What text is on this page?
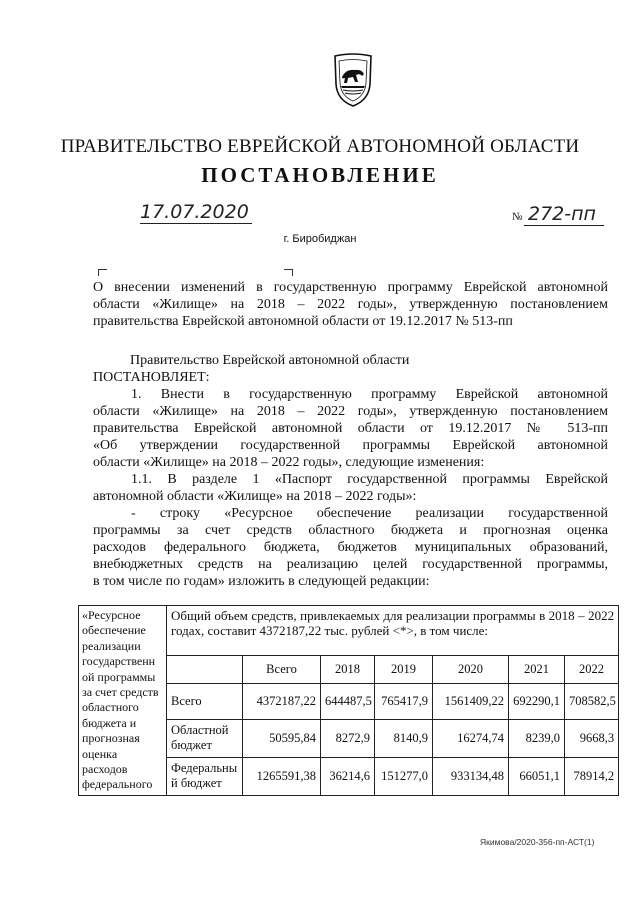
ПРАВИТЕЛЬСТВО ЕВРЕЙСКОЙ АВТОНОМНОЙ ОБЛАСТИ
ПОСТАНОВЛЕНИЕ
17.07.2020	№ 272-пп
г. Биробиджан
О внесении изменений в государственную программу Еврейской автономной
области «Жилище» на 2018 – 2022 годы», утвержденную постановлением
правительства Еврейской автономной области от 19.12.2017 № 513-пп
Правительство Еврейской автономной области
ПОСТАНОВЛЯЕТ:
1. Внести в государственную программу Еврейской автономной
области «Жилище» на 2018 – 2022 годы», утвержденную постановлением
правительства Еврейской автономной области от 19.12.2017 № 513-пп
«Об утверждении государственной программы Еврейской автономной
области «Жилище» на 2018 – 2022 годы», следующие изменения:
1.1. В разделе 1 «Паспорт государственной программы Еврейской
автономной области «Жилище» на 2018 – 2022 годы»:
- строку «Ресурсное обеспечение реализации государственной
программы за счет средств областного бюджета и прогнозная оценка
расходов федерального бюджета, бюджетов муниципальных образований,
внебюджетных средств на реализацию целей государственной программы,
в том числе по годам» изложить в следующей редакции:
«Ресурсное обеспечение реализации государственн ой программы за счет средств областного бюджета и прогнозная оценка расходов федерального	Общий объем средств, привлекаемых для реализации программы в 2018 – 2022 годах, составит 4372187,22 тыс. рублей <*>, в том числе:						
		Всего	2018	2019	2020	2021	2022
	Всего	4372187,22	644487,5	765417,9	1561409,22	692290,1	708582,5
	Областной бюджет	50595,84	8272,9	8140,9	16274,74	8239,0	9668,3
	Федеральны й бюджет	1265591,38	36214,6	151277,0	933134,48	66051,1	78914,2
Якимова/2020-356-пп-АСТ(1)
